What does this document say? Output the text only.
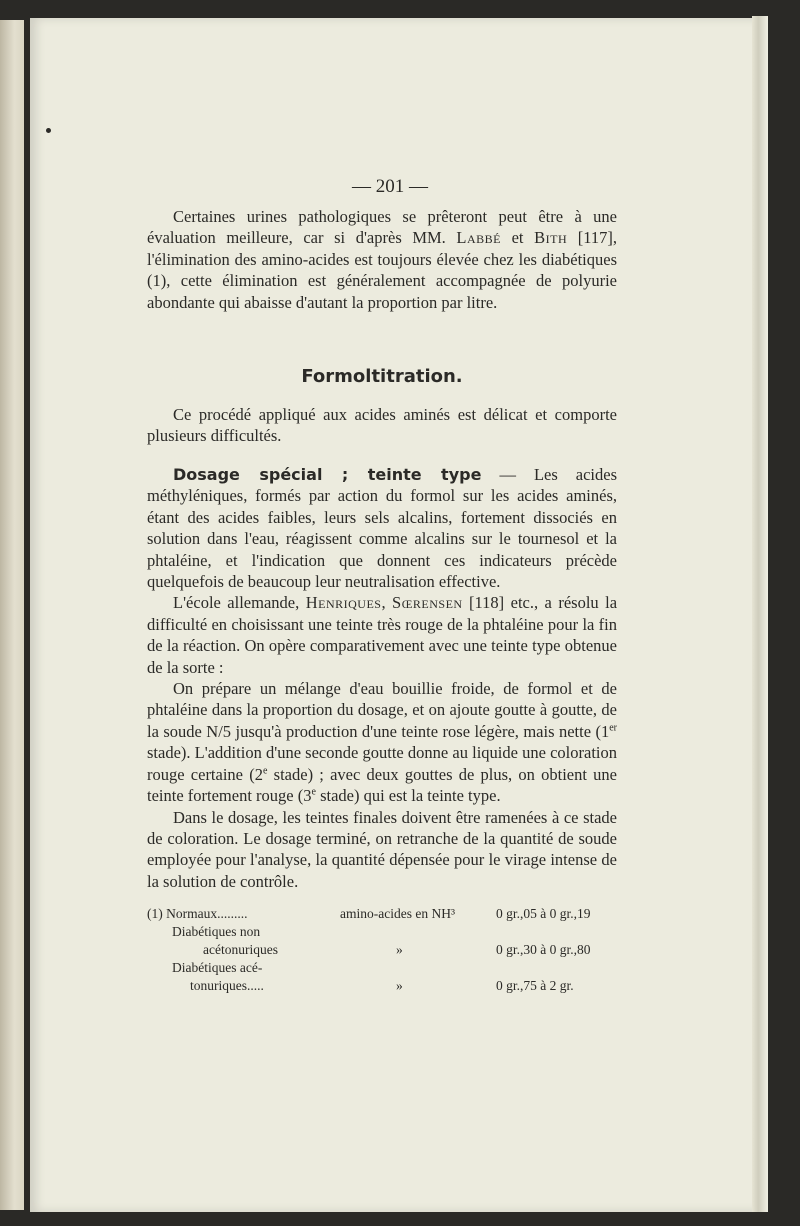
— 201 —

Certaines urines pathologiques se prêteront peut être à une évaluation meilleure, car si d'après MM. Labbé et Bith [117], l'élimination des amino-acides est toujours élevée chez les diabétiques (1), cette élimination est généralement accompagnée de polyurie abondante qui abaisse d'autant la proportion par litre.

Formoltitration.

Ce procédé appliqué aux acides aminés est délicat et comporte plusieurs difficultés.

Dosage spécial ; teinte type — Les acides méthyléniques, formés par action du formol sur les acides aminés, étant des acides faibles, leurs sels alcalins, fortement dissociés en solution dans l'eau, réagissent comme alcalins sur le tournesol et la phtaléine, et l'indication que donnent ces indicateurs précède quelquefois de beaucoup leur neutralisation effective.

L'école allemande, Henriques, Sœrensen [118] etc., a résolu la difficulté en choisissant une teinte très rouge de la phtaléine pour la fin de la réaction. On opère comparativement avec une teinte type obtenue de la sorte :

On prépare un mélange d'eau bouillie froide, de formol et de phtaléine dans la proportion du dosage, et on ajoute goutte à goutte, de la soude N/5 jusqu'à production d'une teinte rose légère, mais nette (1er stade). L'addition d'une seconde goutte donne au liquide une coloration rouge certaine (2e stade) ; avec deux gouttes de plus, on obtient une teinte fortement rouge (3e stade) qui est la teinte type.

Dans le dosage, les teintes finales doivent être ramenées à ce stade de coloration. Le dosage terminé, on retranche de la quantité de soude employée pour l'analyse, la quantité dépensée pour le virage intense de la solution de contrôle.

(1) Normaux.........	amino-acides en NH³	0 gr.,05 à 0 gr.,19
Diabétiques non
acétonuriques	»	0 gr.,30 à 0 gr.,80
Diabétiques acé-
tonuriques.....	»	0 gr.,75 à 2 gr.
